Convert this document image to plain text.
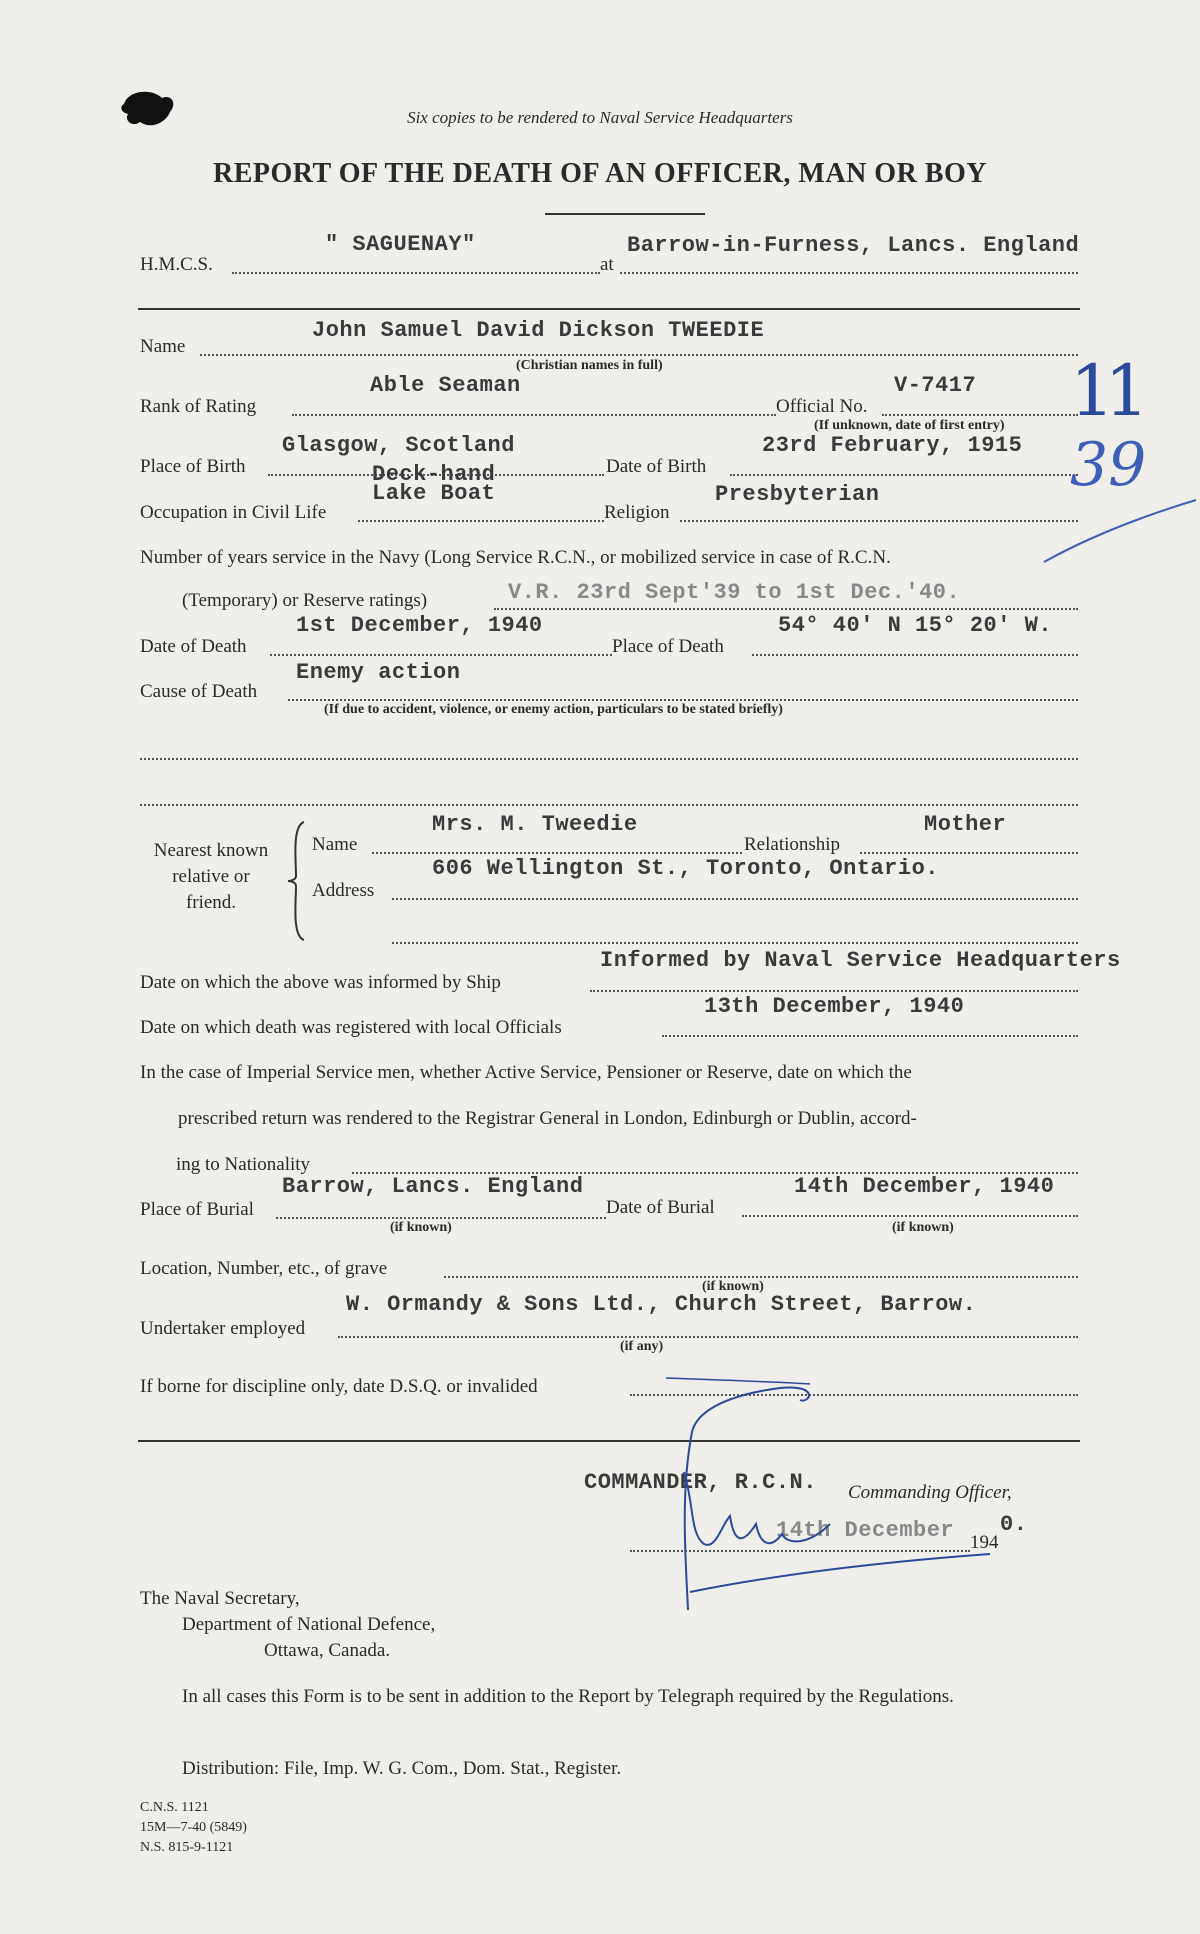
Six copies to be rendered to Naval Service Headquarters
REPORT OF THE DEATH OF AN OFFICER, MAN OR BOY
H.M.C.S.
" SAGUENAY"
at
Barrow-in-Furness, Lancs. England
Name
John Samuel David Dickson TWEEDIE
(Christian names in full)
Rank of Rating
Able Seaman
Official No.
V-7417
(If unknown, date of first entry)
Place of Birth
Glasgow, Scotland
Date of Birth
23rd February, 1915
Occupation in Civil Life
Deck-hand
Lake Boat
Religion
Presbyterian
Number of years service in the Navy (Long Service R.C.N., or mobilized service in case of R.C.N.
(Temporary) or Reserve ratings)	V.R. 23rd Sept'39 to 1st Dec.'40.
Date of Death
1st December, 1940
Place of Death
54° 40' N 15° 20' W.
Cause of Death
Enemy action
(If due to accident, violence, or enemy action, particulars to be stated briefly)
Nearest known
relative or
friend.
Name
Mrs. M. Tweedie
Relationship
Mother
Address
606 Wellington St., Toronto, Ontario.
Date on which the above was informed by Ship
Informed by Naval Service Headquarters
Date on which death was registered with local Officials
13th December, 1940
In the case of Imperial Service men, whether Active Service, Pensioner or Reserve, date on which the
prescribed return was rendered to the Registrar General in London, Edinburgh or Dublin, accord-
ing to Nationality
Place of Burial
Barrow, Lancs. England
(if known)
Date of Burial
14th December, 1940
(if known)
Location, Number, etc., of grave
(if known)
Undertaker employed
W. Ormandy & Sons Ltd., Church Street, Barrow.
(if any)
If borne for discipline only, date D.S.Q. or invalided
COMMANDER, R.C.N. Commanding Officer,
14th December 194
0.
11
39
The Naval Secretary,
Department of National Defence,
Ottawa, Canada.
In all cases this Form is to be sent in addition to the Report by Telegraph required by the Regulations.
Distribution: File, Imp. W. G. Com., Dom. Stat., Register.
C.N.S. 1121
15M—7-40 (5849)
N.S. 815-9-1121
